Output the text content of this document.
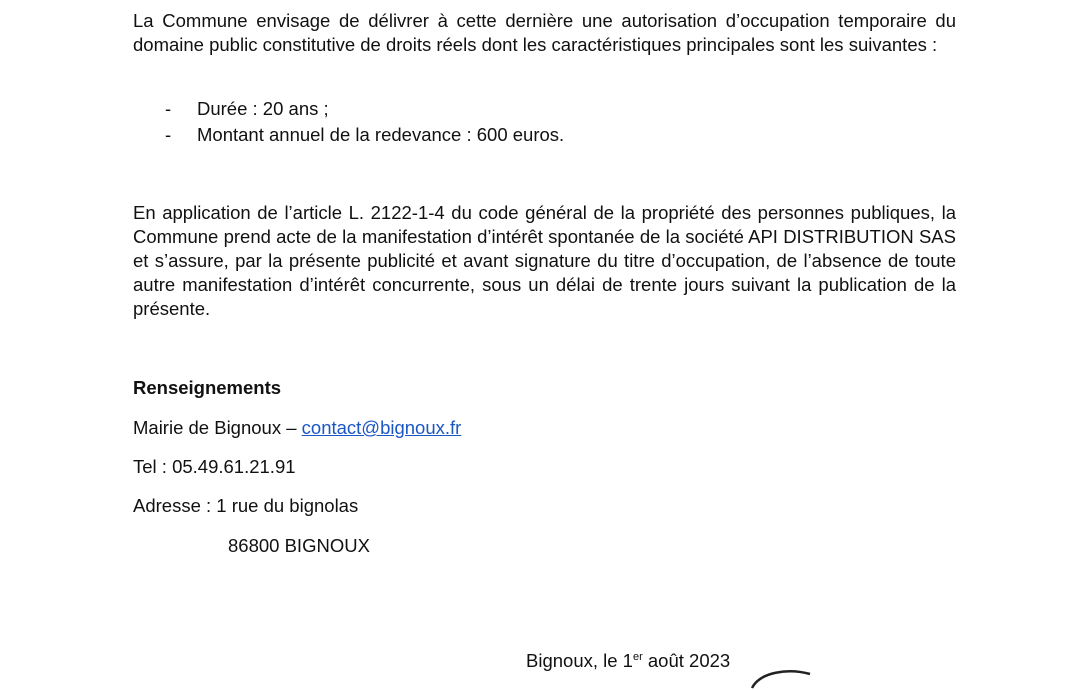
La Commune envisage de délivrer à cette dernière une autorisation d’occupation temporaire du domaine public constitutive de droits réels dont les caractéristiques principales sont les suivantes :

- Durée : 20 ans ;
- Montant annuel de la redevance : 600 euros.

En application de l’article L. 2122-1-4 du code général de la propriété des personnes publiques, la Commune prend acte de la manifestation d’intérêt spontanée de la société API DISTRIBUTION SAS et s’assure, par la présente publicité et avant signature du titre d’occupation, de l’absence de toute autre manifestation d’intérêt concurrente, sous un délai de trente jours suivant la publication de la présente.

Renseignements

Mairie de Bignoux – contact@bignoux.fr
Tel : 05.49.61.21.91
Adresse : 1 rue du bignolas
86800 BIGNOUX
Bignoux, le 1er août 2023
